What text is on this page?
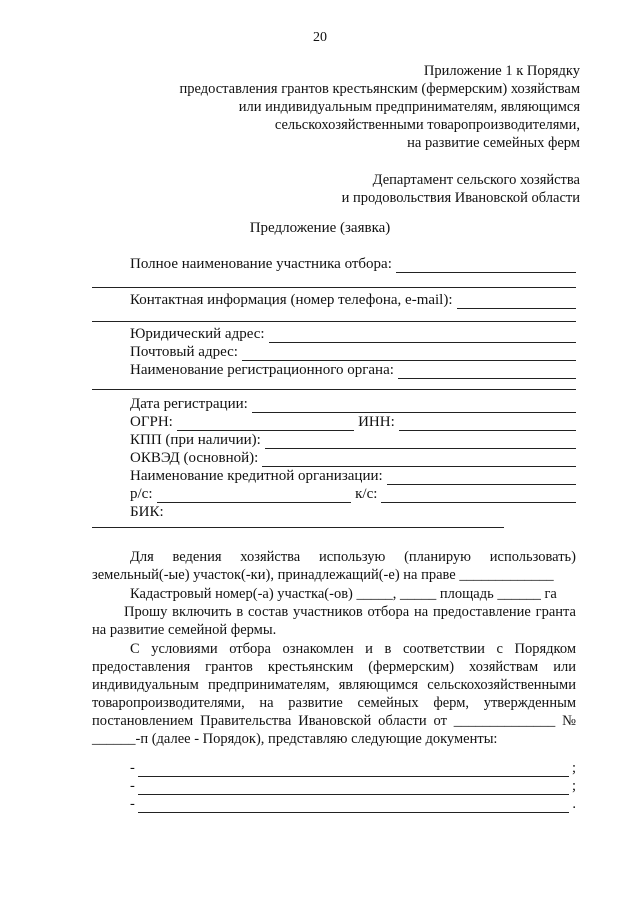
20
Приложение 1 к Порядку
предоставления грантов крестьянским (фермерским) хозяйствам
или индивидуальным предпринимателям, являющимся
сельскохозяйственными товаропроизводителями,
на развитие семейных ферм
Департамент сельского хозяйства
и продовольствия Ивановской области
Предложение (заявка)
Полное наименование участника отбора:
Контактная информация (номер телефона, e-mail):
Юридический адрес:
Почтовый адрес:
Наименование регистрационного органа:
Дата регистрации:
ОГРН:	ИНН:
КПП (при наличии):
ОКВЭД (основной):
Наименование кредитной организации:
р/с:	к/с:
БИК:
Для ведения хозяйства использую (планирую использовать) земельный(-ые) участок(-ки), принадлежащий(-е) на праве _____________
Кадастровый номер(-а) участка(-ов) _____, _____ площадь ______ га
Прошу включить в состав участников отбора на предоставление гранта на развитие семейной фермы.
С условиями отбора ознакомлен и в соответствии с Порядком предоставления грантов крестьянским (фермерским) хозяйствам или индивидуальным предпринимателям, являющимся сельскохозяйственными товаропроизводителями, на развитие семейных ферм, утвержденным постановлением Правительства Ивановской области от ______________ № ______-п (далее - Порядок), представляю следующие документы:
-	;
-	;
-	.
